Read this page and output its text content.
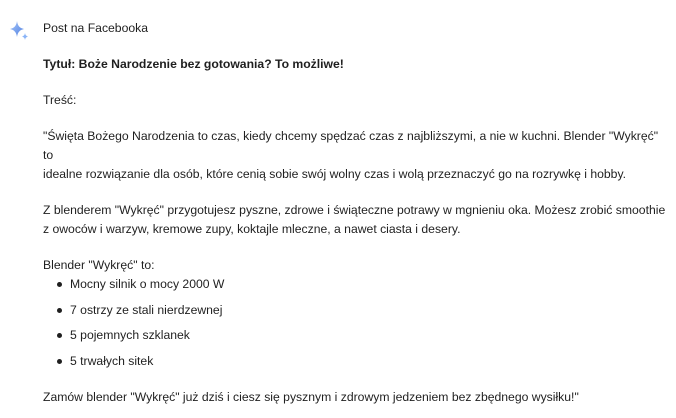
Post na Facebooka

Tytuł: Boże Narodzenie bez gotowania? To możliwe!

Treść:

"Święta Bożego Narodzenia to czas, kiedy chcemy spędzać czas z najbliższymi, a nie w kuchni. Blender "Wykręć" to

idealne rozwiązanie dla osób, które cenią sobie swój wolny czas i wolą przeznaczyć go na rozrywkę i hobby.

Z blenderem "Wykręć" przygotujesz pyszne, zdrowe i świąteczne potrawy w mgnieniu oka. Możesz zrobić smoothie

z owoców i warzyw, kremowe zupy, koktajle mleczne, a nawet ciasta i desery.

Blender "Wykręć" to:

Mocny silnik o mocy 2000 W
7 ostrzy ze stali nierdzewnej
5 pojemnych szklanek
5 trwałych sitek

Zamów blender "Wykręć" już dziś i ciesz się pysznym i zdrowym jedzeniem bez zbędnego wysiłku!"
